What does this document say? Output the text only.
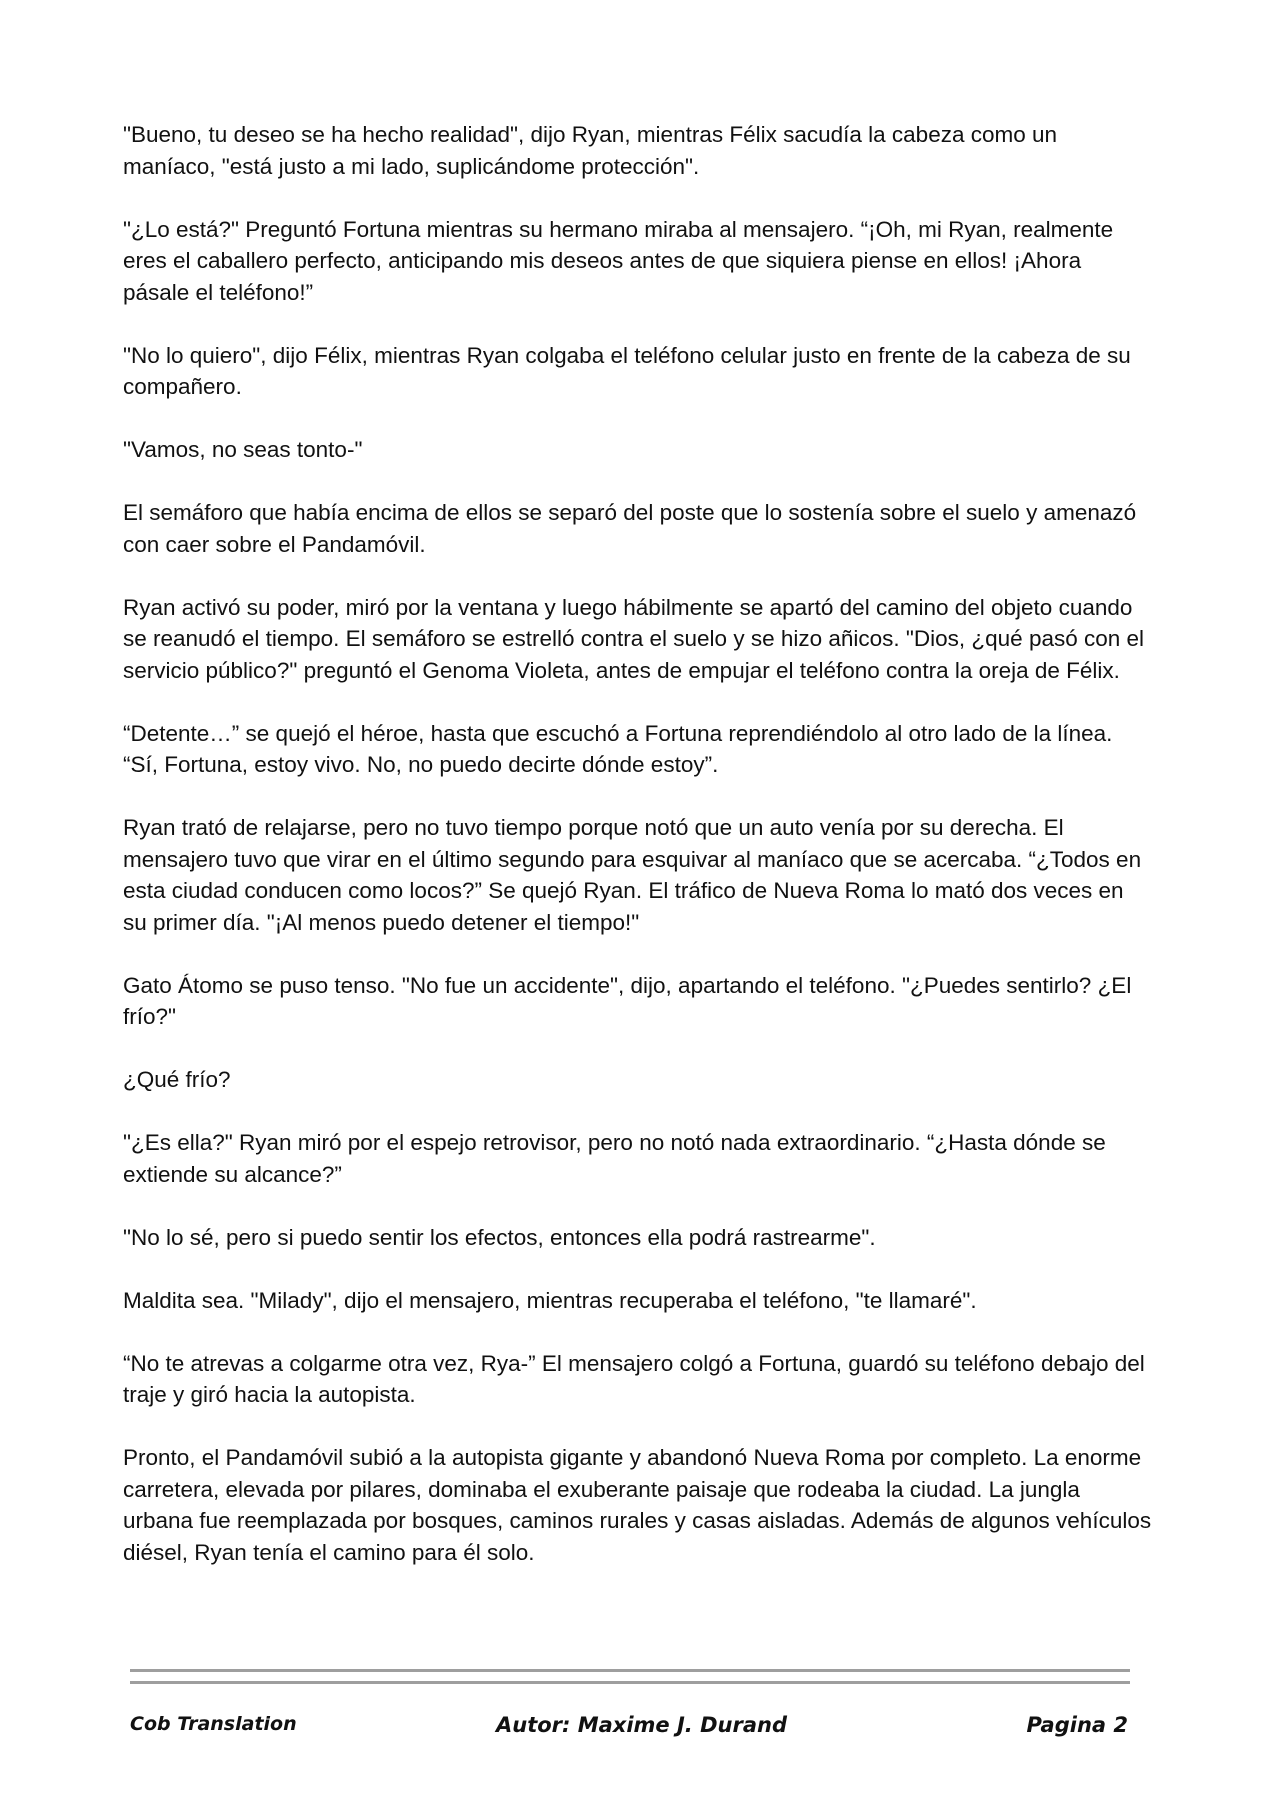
"Bueno, tu deseo se ha hecho realidad", dijo Ryan, mientras Félix sacudía la cabeza como un maníaco, "está justo a mi lado, suplicándome protección".

"¿Lo está?" Preguntó Fortuna mientras su hermano miraba al mensajero. “¡Oh, mi Ryan, realmente eres el caballero perfecto, anticipando mis deseos antes de que siquiera piense en ellos! ¡Ahora pásale el teléfono!”

"No lo quiero", dijo Félix, mientras Ryan colgaba el teléfono celular justo en frente de la cabeza de su compañero.

"Vamos, no seas tonto-"

El semáforo que había encima de ellos se separó del poste que lo sostenía sobre el suelo y amenazó con caer sobre el Pandamóvil.

Ryan activó su poder, miró por la ventana y luego hábilmente se apartó del camino del objeto cuando se reanudó el tiempo. El semáforo se estrelló contra el suelo y se hizo añicos. "Dios, ¿qué pasó con el servicio público?" preguntó el Genoma Violeta, antes de empujar el teléfono contra la oreja de Félix.

“Detente…” se quejó el héroe, hasta que escuchó a Fortuna reprendiéndolo al otro lado de la línea. “Sí, Fortuna, estoy vivo. No, no puedo decirte dónde estoy”.

Ryan trató de relajarse, pero no tuvo tiempo porque notó que un auto venía por su derecha. El mensajero tuvo que virar en el último segundo para esquivar al maníaco que se acercaba. “¿Todos en esta ciudad conducen como locos?” Se quejó Ryan. El tráfico de Nueva Roma lo mató dos veces en su primer día. "¡Al menos puedo detener el tiempo!"

Gato Átomo se puso tenso. "No fue un accidente", dijo, apartando el teléfono. "¿Puedes sentirlo? ¿El frío?"

¿Qué frío?

"¿Es ella?" Ryan miró por el espejo retrovisor, pero no notó nada extraordinario. “¿Hasta dónde se extiende su alcance?”

"No lo sé, pero si puedo sentir los efectos, entonces ella podrá rastrearme".

Maldita sea. "Milady", dijo el mensajero, mientras recuperaba el teléfono, "te llamaré".

“No te atrevas a colgarme otra vez, Rya-” El mensajero colgó a Fortuna, guardó su teléfono debajo del traje y giró hacia la autopista.

Pronto, el Pandamóvil subió a la autopista gigante y abandonó Nueva Roma por completo. La enorme carretera, elevada por pilares, dominaba el exuberante paisaje que rodeaba la ciudad. La jungla urbana fue reemplazada por bosques, caminos rurales y casas aisladas. Además de algunos vehículos diésel, Ryan tenía el camino para él solo.

Cob Translation	Autor: Maxime J. Durand	Pagina 2
